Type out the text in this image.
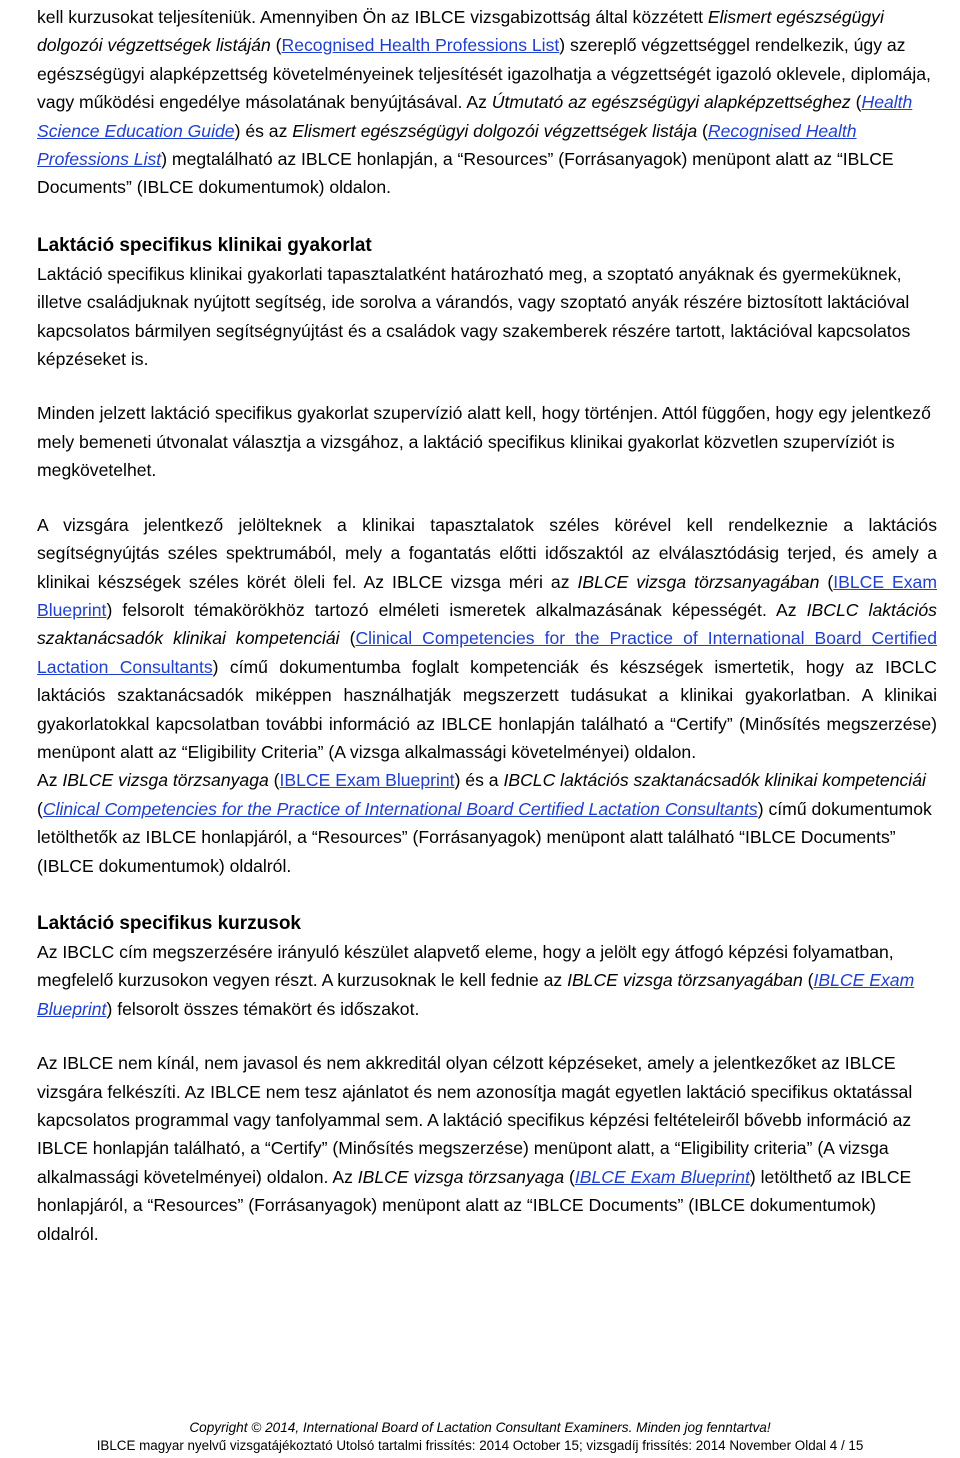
kell kurzusokat teljesíteniük. Amennyiben Ön az IBLCE vizsgabizottság által közzétett Elismert egészségügyi dolgozói végzettségek listáján (Recognised Health Professions List) szereplő végzettséggel rendelkezik, úgy az egészségügyi alapképzettség követelményeinek teljesítését igazolhatja a végzettségét igazoló oklevele, diplomája, vagy működési engedélye másolatának benyújtásával. Az Útmutató az egészségügyi alapképzettséghez (Health Science Education Guide) és az Elismert egészségügyi dolgozói végzettségek listája (Recognised Health Professions List) megtalálható az IBLCE honlapján, a “Resources” (Forrásanyagok) menüpont alatt az “IBLCE Documents” (IBLCE dokumentumok) oldalon.

Laktáció specifikus klinikai gyakorlat

Laktáció specifikus klinikai gyakorlati tapasztalatként határozható meg, a szoptató anyáknak és gyermeküknek, illetve családjuknak nyújtott segítség, ide sorolva a várandós, vagy szoptató anyák részére biztosított laktációval kapcsolatos bármilyen segítségnyújtást és a családok vagy szakemberek részére tartott, laktációval kapcsolatos képzéseket is.

Minden jelzett laktáció specifikus gyakorlat szupervízió alatt kell, hogy történjen. Attól függően, hogy egy jelentkező mely bemeneti útvonalat választja a vizsgához, a laktáció specifikus klinikai gyakorlat közvetlen szupervíziót is megkövetelhet.

A vizsgára jelentkező jelölteknek a klinikai tapasztalatok széles körével kell rendelkeznie a laktációs segítségnyújtás széles spektrumából, mely a fogantatás előtti időszaktól az elválasztódásig terjed, és amely a klinikai készségek széles körét öleli fel. Az IBLCE vizsga méri az IBLCE vizsga törzsanyagában (IBLCE Exam Blueprint) felsorolt témakörökhöz tartozó elméleti ismeretek alkalmazásának képességét. Az IBCLC laktációs szaktanácsadók klinikai kompetenciái (Clinical Competencies for the Practice of International Board Certified Lactation Consultants) című dokumentumba foglalt kompetenciák és készségek ismertetik, hogy az IBCLC laktációs szaktanácsadók miképpen használhatják megszerzett tudásukat a klinikai gyakorlatban. A klinikai gyakorlatokkal kapcsolatban további információ az IBLCE honlapján található a “Certify” (Minősítés megszerzése) menüpont alatt az “Eligibility Criteria” (A vizsga alkalmassági követelményei) oldalon.

Az IBLCE vizsga törzsanyaga (IBLCE Exam Blueprint) és a IBCLC laktációs szaktanácsadók klinikai kompetenciái (Clinical Competencies for the Practice of International Board Certified Lactation Consultants) című dokumentumok letölthetők az IBLCE honlapjáról, a “Resources” (Forrásanyagok) menüpont alatt található “IBLCE Documents” (IBLCE dokumentumok) oldalról.

Laktáció specifikus kurzusok

Az IBCLC cím megszerzésére irányuló készület alapvető eleme, hogy a jelölt egy átfogó képzési folyamatban, megfelelő kurzusokon vegyen részt. A kurzusoknak le kell fednie az IBLCE vizsga törzsanyagában (IBLCE Exam Blueprint) felsorolt összes témakört és időszakot.

Az IBLCE nem kínál, nem javasol és nem akkreditál olyan célzott képzéseket, amely a jelentkezőket az IBLCE vizsgára felkészíti. Az IBLCE nem tesz ajánlatot és nem azonosítja magát egyetlen laktáció specifikus oktatással kapcsolatos programmal vagy tanfolyammal sem. A laktáció specifikus képzési feltételeiről bővebb információ az IBLCE honlapján található, a “Certify” (Minősítés megszerzése) menüpont alatt, a “Eligibility criteria” (A vizsga alkalmassági követelményei) oldalon. Az IBLCE vizsga törzsanyaga (IBLCE Exam Blueprint) letölthető az IBLCE honlapjáról, a “Resources” (Forrásanyagok) menüpont alatt az “IBLCE Documents” (IBLCE dokumentumok) oldalról.

Copyright © 2014, International Board of Lactation Consultant Examiners. Minden jog fenntartva!
IBLCE magyar nyelvű vizsgatájékoztató Utolsó tartalmi frissítés: 2014 October 15; vizsgadíj frissítés: 2014 November Oldal 4 / 15
